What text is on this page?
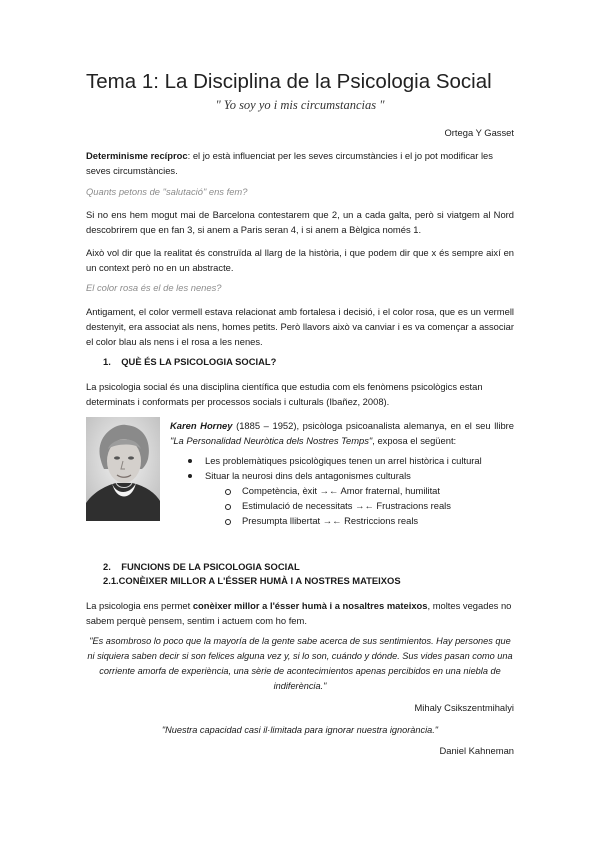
Tema 1: La Disciplina de la Psicologia Social
" Yo soy yo i mis circumstancias "
Ortega Y Gasset
Determinisme recíproc: el jo està influenciat per les seves circumstàncies i el jo pot modificar les seves circumstàncies.
Quants petons de "salutació" ens fem?
Si no ens hem mogut mai de Barcelona contestarem que 2, un a cada galta, però si viatgem al Nord descobrirem que en fan 3, si anem a Paris seran 4, i si anem a Bèlgica només 1.
Això vol dir que la realitat és construïda al llarg de la història, i que podem dir que x és sempre així en un context però no en un abstracte.
El color rosa és el de les nenes?
Antigament, el color vermell estava relacionat amb fortalesa i decisió, i el color rosa, que es un vermell destenyit, era associat als nens, homes petits. Però llavors això va canviar i es va començar a associar el color blau als nens i el rosa a les nenes.
1. QUÈ ÉS LA PSICOLOGIA SOCIAL?
La psicologia social és una disciplina científica que estudia com els fenòmens psicològics estan determinats i conformats per processos socials i culturals (Ibañez, 2008).
Karen Horney (1885 – 1952), psicòloga psicoanalista alemanya, en el seu llibre "La Personalidad Neuròtica dels Nostres Temps", exposa el següent:
Les problemàtiques psicològiques tenen un arrel històrica i cultural
Situar la neurosi dins dels antagonismes culturals
Competència, èxit →← Amor fraternal, humilitat
Estimulació de necessitats →← Frustracions reals
Presumpta llibertat →← Restriccions reals
2. FUNCIONS DE LA PSICOLOGIA SOCIAL
2.1.CONÈIXER MILLOR A L'ÉSSER HUMÀ I A NOSTRES MATEIXOS
La psicologia ens permet conèixer millor a l'ésser humà i a nosaltres mateixos, moltes vegades no sabem perquè pensem, sentim i actuem com ho fem.
"Es asombroso lo poco que la mayoría de la gente sabe acerca de sus sentimientos. Hay persones que ni siquiera saben decir si son felices alguna vez y, si lo son, cuándo y dónde. Sus vides pasan como una corriente amorfa de experiència, una sèrie de acontecimientos apenas percibidos en una niebla de indiferència."
Mihaly Csikszentmihalyi
"Nuestra capacidad casi il·limitada para ignorar nuestra ignorància."
Daniel Kahneman
